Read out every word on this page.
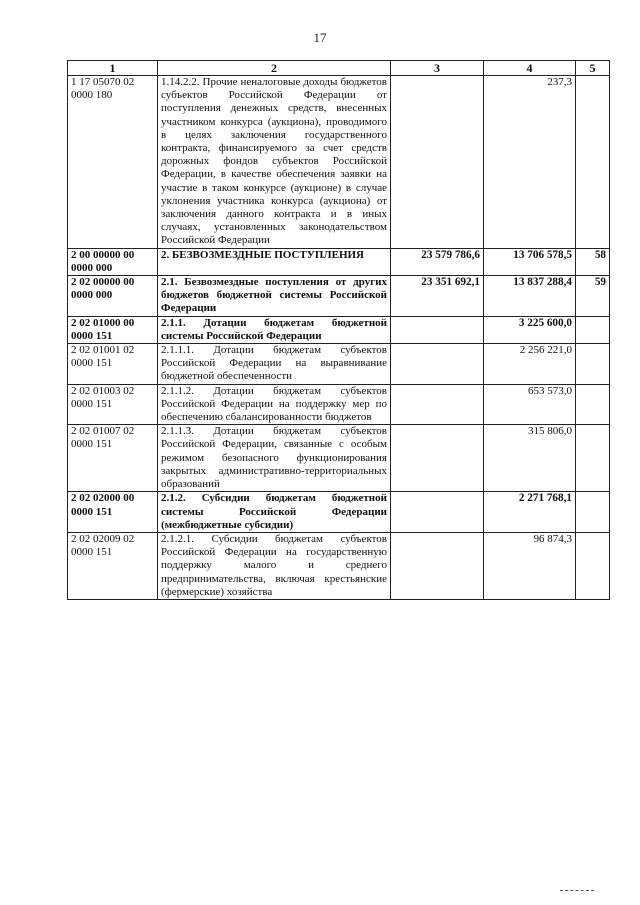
17
1	2	3	4	5
1 17 05070 02 0000 180	1.14.2.2. Прочие неналоговые доходы бюджетов субъектов Российской Федерации от поступления денежных средств, внесенных участником конкурса (аукциона), проводимого в целях заключения государственного контракта, финансируемого за счет средств дорожных фондов субъектов Российской Федерации, в качестве обеспечения заявки на участие в таком конкурсе (аукционе) в случае уклонения участника конкурса (аукциона) от заключения данного контракта и в иных случаях, установленных законодательством Российской Федерации		237,3	
2 00 00000 00 0000 000	2. БЕЗВОЗМЕЗДНЫЕ ПОСТУПЛЕНИЯ	23 579 786,6	13 706 578,5	58
2 02 00000 00 0000 000	2.1. Безвозмездные поступления от других бюджетов бюджетной системы Российской Федерации	23 351 692,1	13 837 288,4	59
2 02 01000 00 0000 151	2.1.1. Дотации бюджетам бюджетной системы Российской Федерации		3 225 600,0	
2 02 01001 02 0000 151	2.1.1.1. Дотации бюджетам субъектов Российской Федерации на выравнивание бюджетной обеспеченности		2 256 221,0	
2 02 01003 02 0000 151	2.1.1.2. Дотации бюджетам субъектов Российской Федерации на поддержку мер по обеспечению сбалансированности бюджетов		653 573,0	
2 02 01007 02 0000 151	2.1.1.3. Дотации бюджетам субъектов Российской Федерации, связанные с особым режимом безопасного функционирования закрытых административно-территориальных образований		315 806,0	
2 02 02000 00 0000 151	2.1.2. Субсидии бюджетам бюджетной системы Российской Федерации (межбюджетные субсидии)		2 271 768,1	
2 02 02009 02 0000 151	2.1.2.1. Субсидии бюджетам субъектов Российской Федерации на государственную поддержку малого и среднего предпринимательства, включая крестьянские (фермерские) хозяйства		96 874,3	
